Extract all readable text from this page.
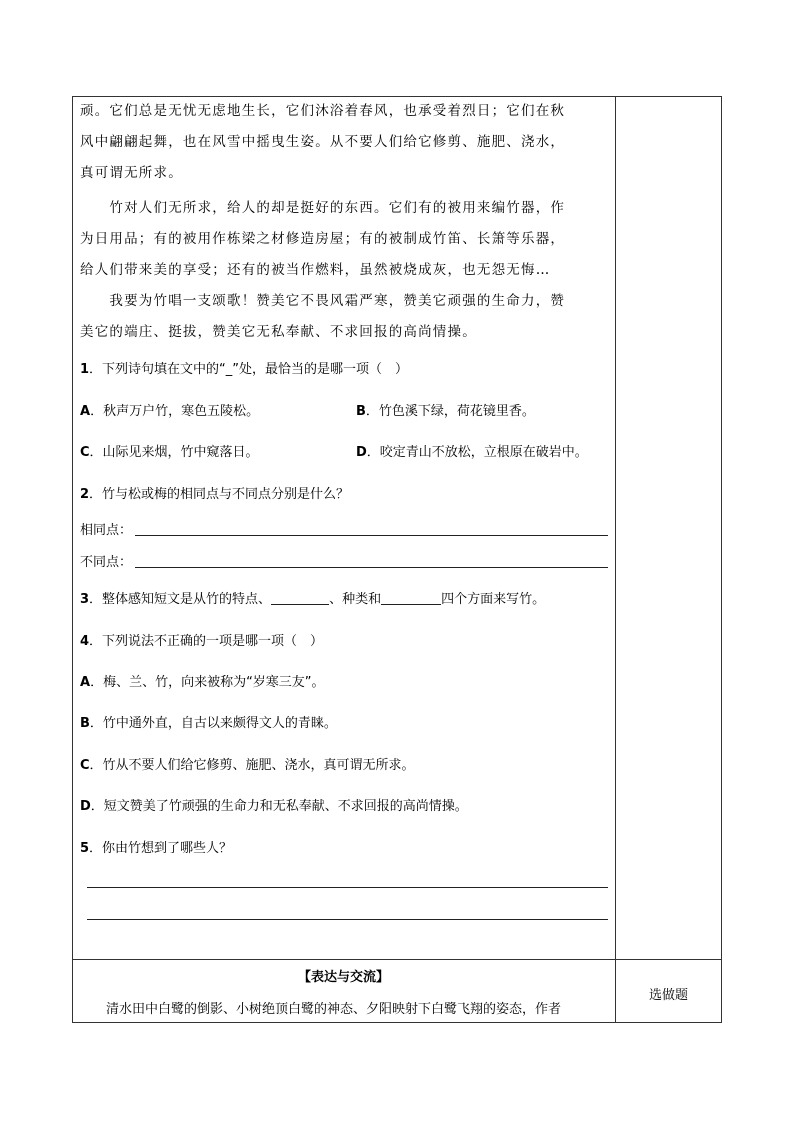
顽。它们总是无忧无虑地生长，它们沐浴着春风，也承受着烈日；它们在秋
风中翩翩起舞，也在风雪中摇曳生姿。从不要人们给它修剪、施肥、浇水，
真可谓无所求。
　　竹对人们无所求，给人的却是挺好的东西。它们有的被用来编竹器，作
为日用品；有的被用作栋梁之材修造房屋；有的被制成竹笛、长箫等乐器，
给人们带来美的享受；还有的被当作燃料，虽然被烧成灰，也无怨无悔…
　　我要为竹唱一支颂歌！赞美它不畏风霜严寒，赞美它顽强的生命力，赞
美它的端庄、挺拔，赞美它无私奉献、不求回报的高尚情操。
1．下列诗句填在文中的“_”处，最恰当的是哪一项（　）
A．秋声万户竹，寒色五陵松。	B．竹色溪下绿，荷花镜里香。
C．山际见来烟，竹中窥落日。	D．咬定青山不放松，立根原在破岩中。
2．竹与松或梅的相同点与不同点分别是什么？
相同点：
不同点：
3．整体感知短文是从竹的特点、	、种类和	四个方面来写竹。
4．下列说法不正确的一项是哪一项（　）
A．梅、兰、竹，向来被称为“岁寒三友”。
B．竹中通外直，自古以来颇得文人的青睐。
C．竹从不要人们给它修剪、施肥、浇水，真可谓无所求。
D．短文赞美了竹顽强的生命力和无私奉献、不求回报的高尚情操。
5．你由竹想到了哪些人？
【表达与交流】
　　清水田中白鹭的倒影、小树绝顶白鹭的神态、夕阳映射下白鹭飞翔的姿态，作者
选做题
